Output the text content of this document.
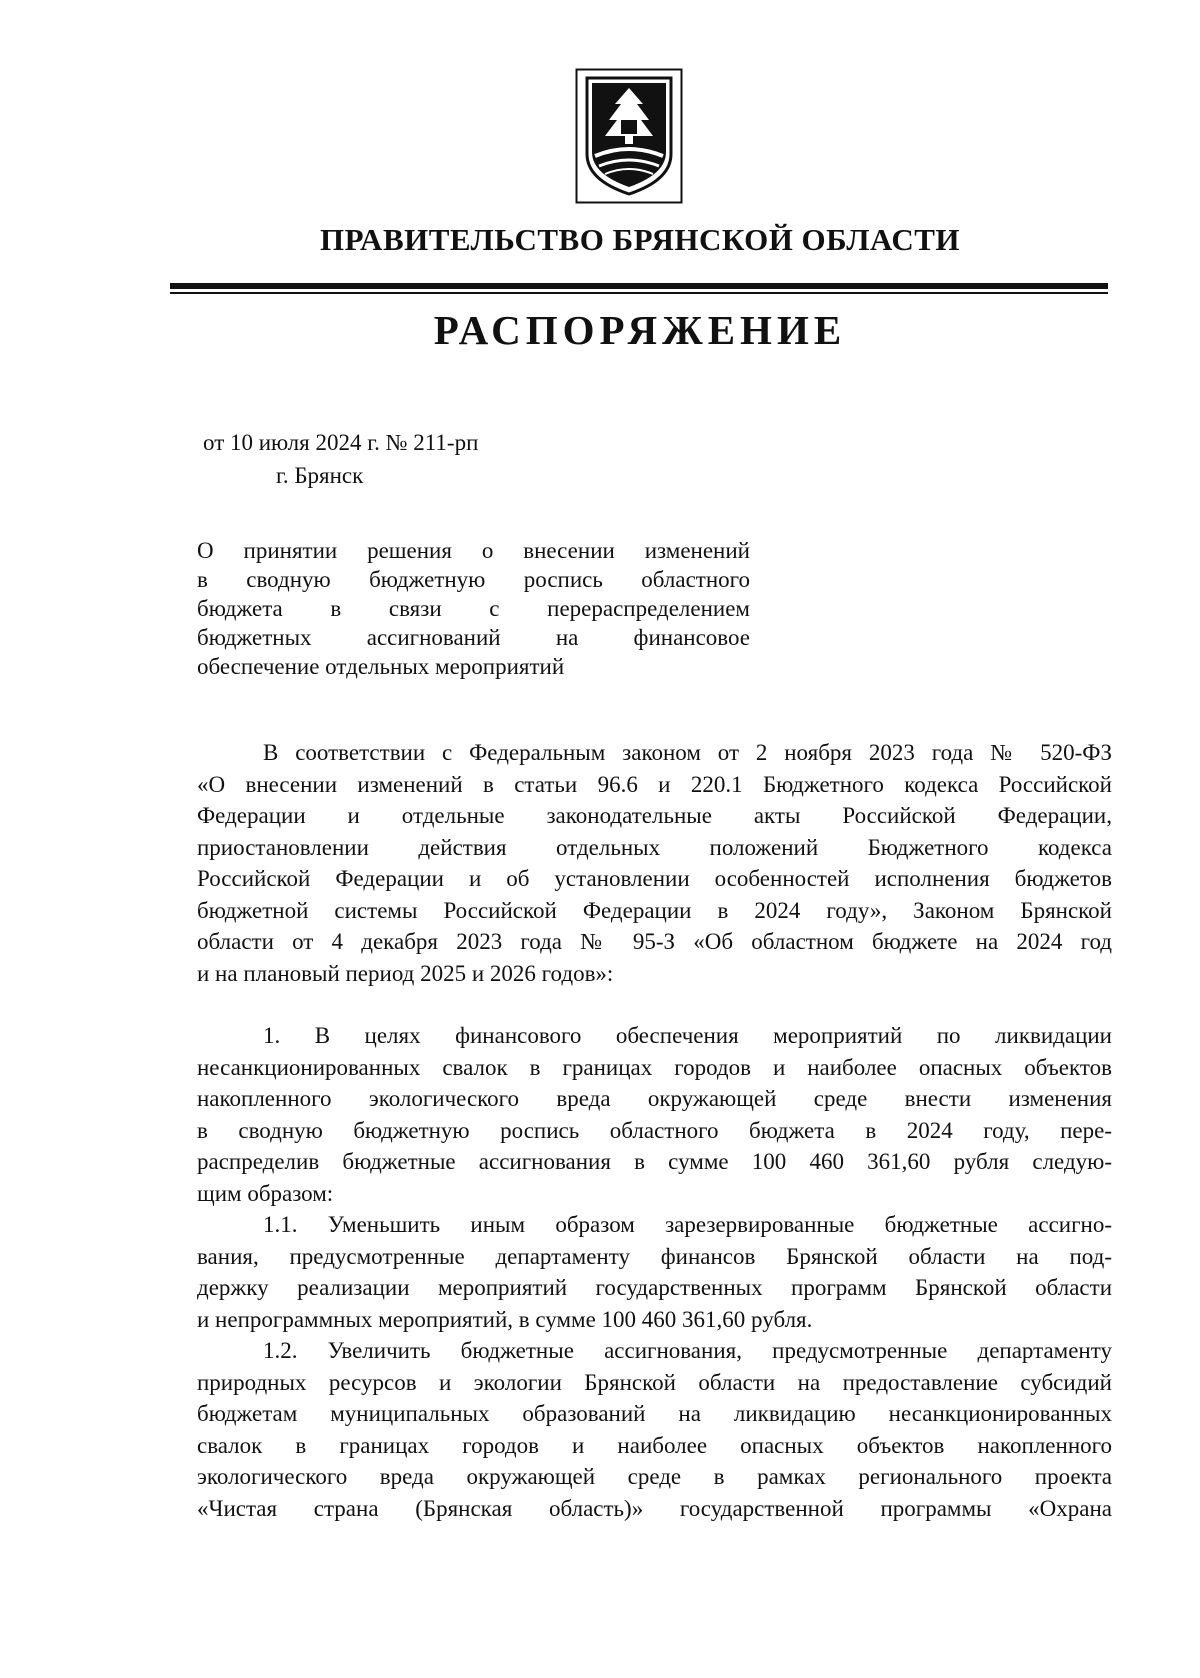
ПРАВИТЕЛЬСТВО БРЯНСКОЙ ОБЛАСТИ
РАСПОРЯЖЕНИЕ
от 10 июля 2024 г. № 211-рп
г. Брянск
О принятии решения о внесении изменений
в сводную бюджетную роспись областного
бюджета в связи с перераспределением
бюджетных ассигнований на финансовое
обеспечение отдельных мероприятий
В соответствии с Федеральным законом от 2 ноября 2023 года № 520-ФЗ
«О внесении изменений в статьи 96.6 и 220.1 Бюджетного кодекса Российской
Федерации и отдельные законодательные акты Российской Федерации,
приостановлении действия отдельных положений Бюджетного кодекса
Российской Федерации и об установлении особенностей исполнения бюджетов
бюджетной системы Российской Федерации в 2024 году», Законом Брянской
области от 4 декабря 2023 года № 95-З «Об областном бюджете на 2024 год
и на плановый период 2025 и 2026 годов»:
1. В целях финансового обеспечения мероприятий по ликвидации
несанкционированных свалок в границах городов и наиболее опасных объектов
накопленного экологического вреда окружающей среде внести изменения
в сводную бюджетную роспись областного бюджета в 2024 году, пере-
распределив бюджетные ассигнования в сумме 100 460 361,60 рубля следую-
щим образом:
1.1. Уменьшить иным образом зарезервированные бюджетные ассигно-
вания, предусмотренные департаменту финансов Брянской области на под-
держку реализации мероприятий государственных программ Брянской области
и непрограммных мероприятий, в сумме 100 460 361,60 рубля.
1.2. Увеличить бюджетные ассигнования, предусмотренные департаменту
природных ресурсов и экологии Брянской области на предоставление субсидий
бюджетам муниципальных образований на ликвидацию несанкционированных
свалок в границах городов и наиболее опасных объектов накопленного
экологического вреда окружающей среде в рамках регионального проекта
«Чистая страна (Брянская область)» государственной программы «Охрана
